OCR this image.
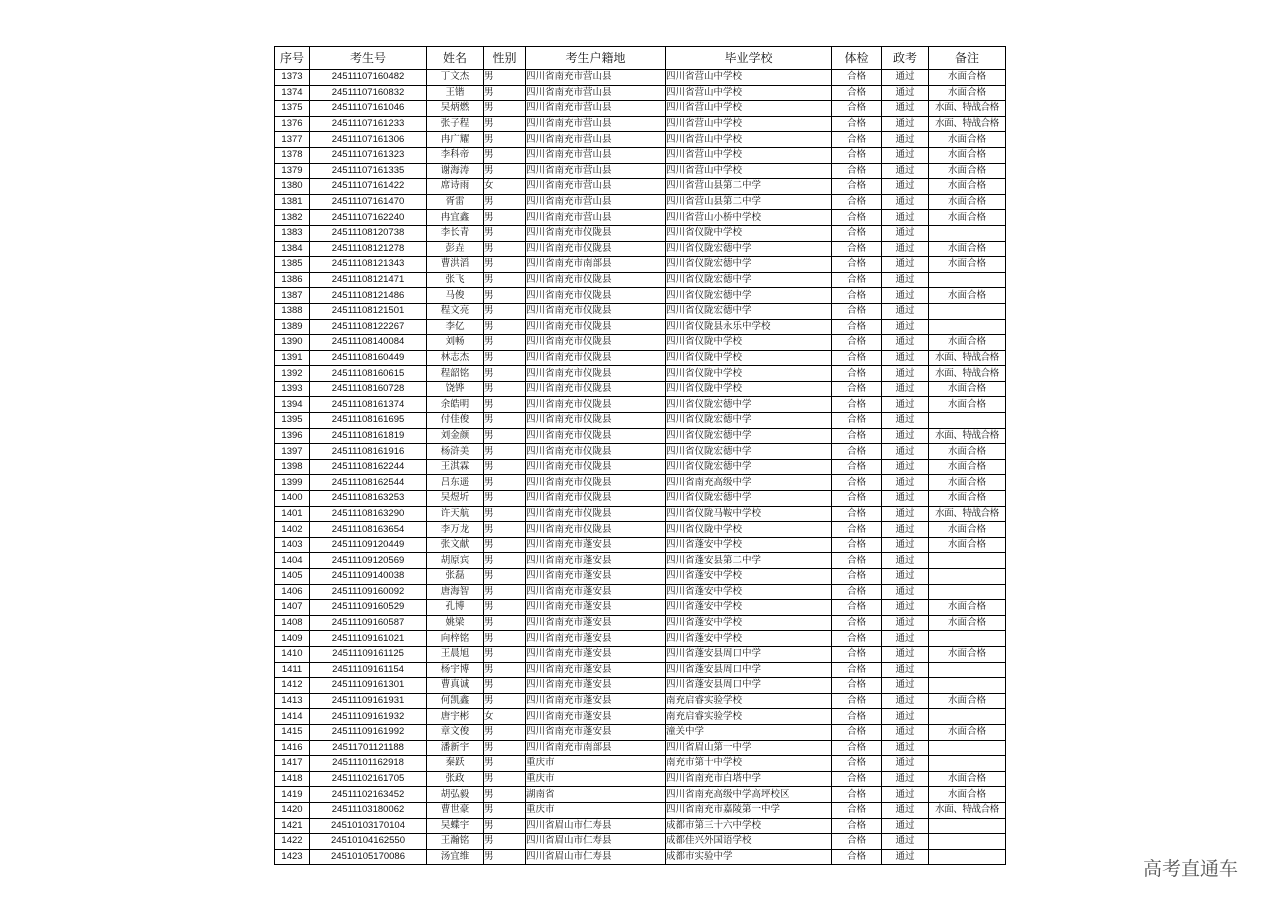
序号	考生号	姓名	性别	考生户籍地	毕业学校	体检	政考	备注
1373	24511107160482	丁文杰	男	四川省南充市营山县	四川省营山中学校	合格	通过	水面合格
1374	24511107160832	王锴	男	四川省南充市营山县	四川省营山中学校	合格	通过	水面合格
1375	24511107161046	吴炳燃	男	四川省南充市营山县	四川省营山中学校	合格	通过	水面、特战合格
1376	24511107161233	张子程	男	四川省南充市营山县	四川省营山中学校	合格	通过	水面、特战合格
1377	24511107161306	冉广耀	男	四川省南充市营山县	四川省营山中学校	合格	通过	水面合格
1378	24511107161323	李科帝	男	四川省南充市营山县	四川省营山中学校	合格	通过	水面合格
1379	24511107161335	谢海涛	男	四川省南充市营山县	四川省营山中学校	合格	通过	水面合格
1380	24511107161422	席诗雨	女	四川省南充市营山县	四川省营山县第二中学	合格	通过	水面合格
1381	24511107161470	胥雷	男	四川省南充市营山县	四川省营山县第二中学	合格	通过	水面合格
1382	24511107162240	冉宜鑫	男	四川省南充市营山县	四川省营山小桥中学校	合格	通过	水面合格
1383	24511108120738	李长青	男	四川省南充市仪陇县	四川省仪陇中学校	合格	通过	
1384	24511108121278	彭垚	男	四川省南充市仪陇县	四川省仪陇宏德中学	合格	通过	水面合格
1385	24511108121343	曹洪滔	男	四川省南充市南部县	四川省仪陇宏德中学	合格	通过	水面合格
1386	24511108121471	张飞	男	四川省南充市仪陇县	四川省仪陇宏德中学	合格	通过	
1387	24511108121486	马俊	男	四川省南充市仪陇县	四川省仪陇宏德中学	合格	通过	水面合格
1388	24511108121501	程文亮	男	四川省南充市仪陇县	四川省仪陇宏德中学	合格	通过	
1389	24511108122267	李亿	男	四川省南充市仪陇县	四川省仪陇县永乐中学校	合格	通过	
1390	24511108140084	刘畅	男	四川省南充市仪陇县	四川省仪陇中学校	合格	通过	水面合格
1391	24511108160449	林志杰	男	四川省南充市仪陇县	四川省仪陇中学校	合格	通过	水面、特战合格
1392	24511108160615	程韶铭	男	四川省南充市仪陇县	四川省仪陇中学校	合格	通过	水面、特战合格
1393	24511108160728	饶铧	男	四川省南充市仪陇县	四川省仪陇中学校	合格	通过	水面合格
1394	24511108161374	余皓明	男	四川省南充市仪陇县	四川省仪陇宏德中学	合格	通过	水面合格
1395	24511108161695	付佳俊	男	四川省南充市仪陇县	四川省仪陇宏德中学	合格	通过	
1396	24511108161819	刘金颜	男	四川省南充市仪陇县	四川省仪陇宏德中学	合格	通过	水面、特战合格
1397	24511108161916	杨浒美	男	四川省南充市仪陇县	四川省仪陇宏德中学	合格	通过	水面合格
1398	24511108162244	王淇霖	男	四川省南充市仪陇县	四川省仪陇宏德中学	合格	通过	水面合格
1399	24511108162544	吕东遥	男	四川省南充市仪陇县	四川省南充高级中学	合格	通过	水面合格
1400	24511108163253	吴煜圻	男	四川省南充市仪陇县	四川省仪陇宏德中学	合格	通过	水面合格
1401	24511108163290	许天航	男	四川省南充市仪陇县	四川省仪陇马鞍中学校	合格	通过	水面、特战合格
1402	24511108163654	李万龙	男	四川省南充市仪陇县	四川省仪陇中学校	合格	通过	水面合格
1403	24511109120449	张文献	男	四川省南充市蓬安县	四川省蓬安中学校	合格	通过	水面合格
1404	24511109120569	胡原宾	男	四川省南充市蓬安县	四川省蓬安县第二中学	合格	通过	
1405	24511109140038	张磊	男	四川省南充市蓬安县	四川省蓬安中学校	合格	通过	
1406	24511109160092	唐海智	男	四川省南充市蓬安县	四川省蓬安中学校	合格	通过	
1407	24511109160529	孔博	男	四川省南充市蓬安县	四川省蓬安中学校	合格	通过	水面合格
1408	24511109160587	姚梁	男	四川省南充市蓬安县	四川省蓬安中学校	合格	通过	水面合格
1409	24511109161021	向梓铭	男	四川省南充市蓬安县	四川省蓬安中学校	合格	通过	
1410	24511109161125	王晨旭	男	四川省南充市蓬安县	四川省蓬安县周口中学	合格	通过	水面合格
1411	24511109161154	杨宇博	男	四川省南充市蓬安县	四川省蓬安县周口中学	合格	通过	
1412	24511109161301	曹真诚	男	四川省南充市蓬安县	四川省蓬安县周口中学	合格	通过	
1413	24511109161931	何凯鑫	男	四川省南充市蓬安县	南充启睿实验学校	合格	通过	水面合格
1414	24511109161932	唐宇彬	女	四川省南充市蓬安县	南充启睿实验学校	合格	通过	
1415	24511109161992	章文俊	男	四川省南充市蓬安县	潼关中学	合格	通过	水面合格
1416	24511701121188	潘新宇	男	四川省南充市南部县	四川省眉山第一中学	合格	通过	
1417	24511101162918	秦跃	男	重庆市	南充市第十中学校	合格	通过	
1418	24511102161705	张政	男	重庆市	四川省南充市白塔中学	合格	通过	水面合格
1419	24511102163452	胡弘毅	男	湖南省	四川省南充高级中学高坪校区	合格	通过	水面合格
1420	24511103180062	曹世豪	男	重庆市	四川省南充市嘉陵第一中学	合格	通过	水面、特战合格
1421	24510103170104	吴蝶宇	男	四川省眉山市仁寿县	成都市第三十六中学校	合格	通过	
1422	24510104162550	王瀚铭	男	四川省眉山市仁寿县	成都佳兴外国语学校	合格	通过	
1423	24510105170086	汤宜维	男	四川省眉山市仁寿县	成都市实验中学	合格	通过	
高考直通车
